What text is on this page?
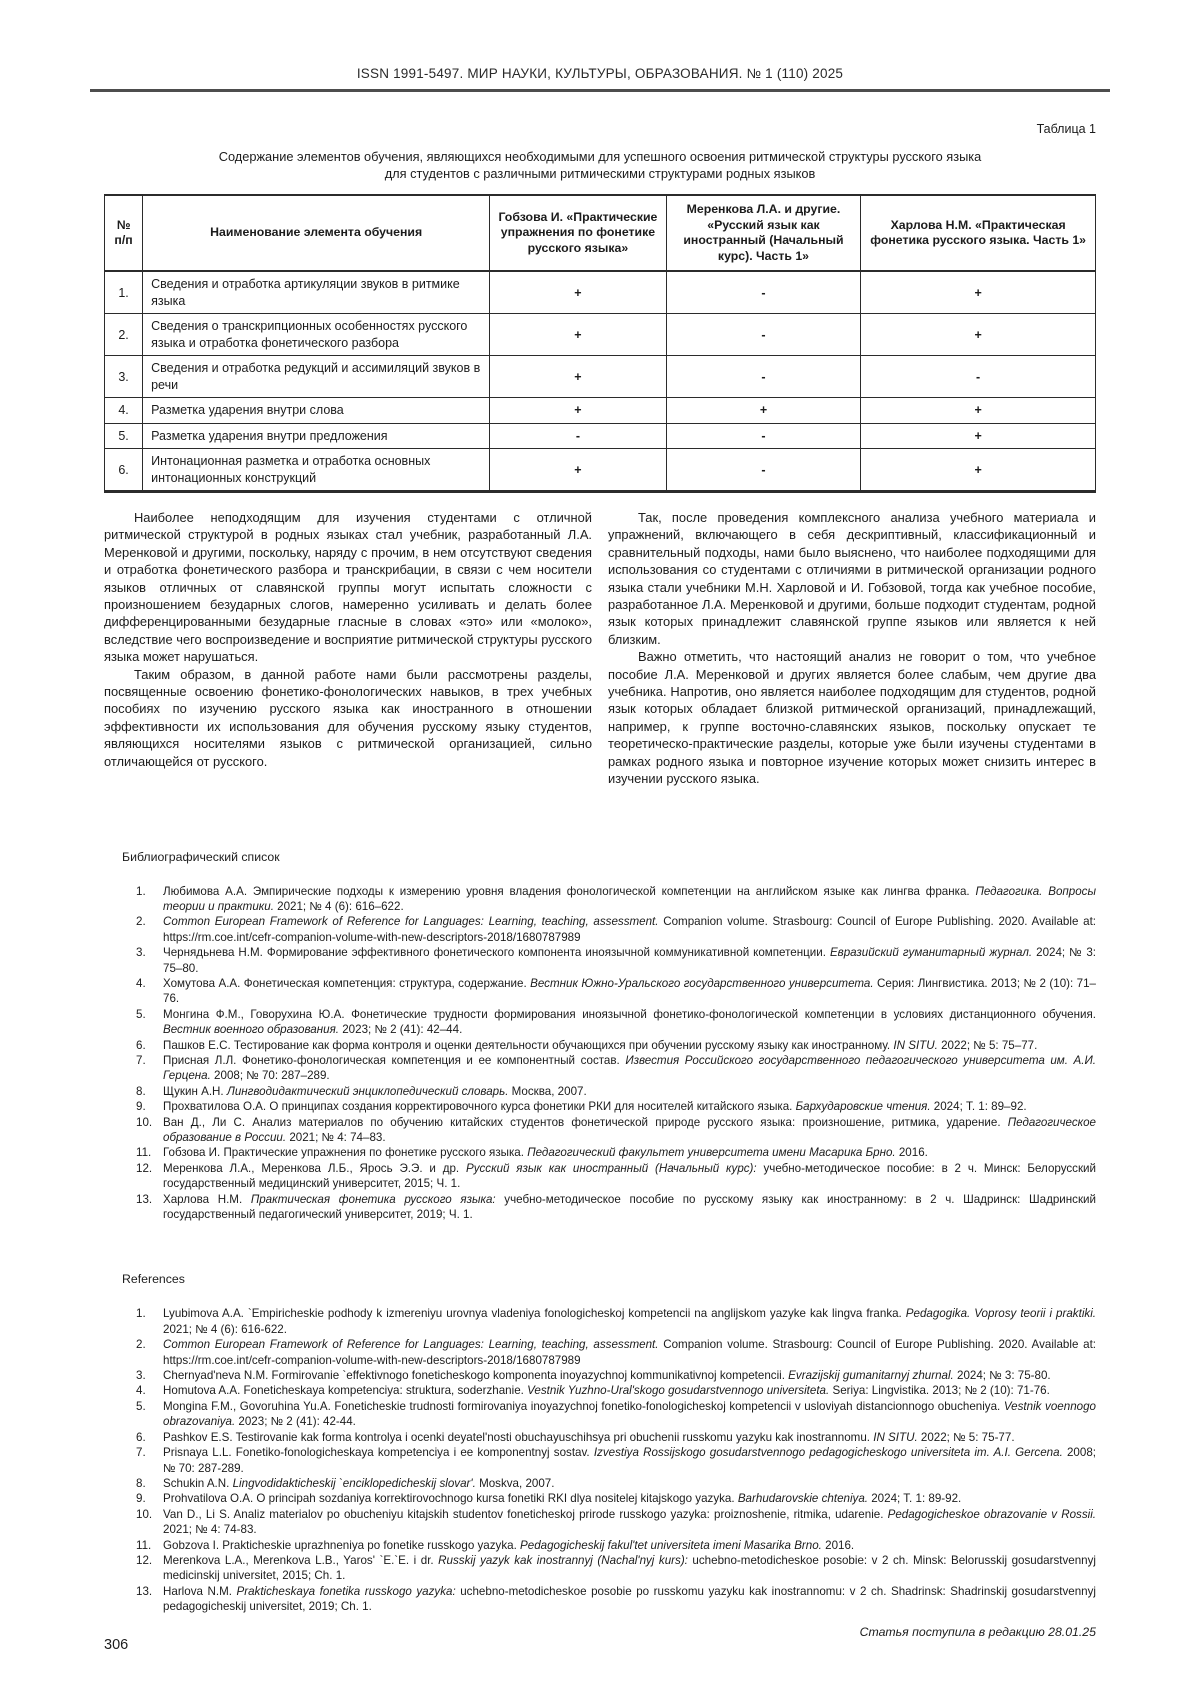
ISSN 1991-5497. МИР НАУКИ, КУЛЬТУРЫ, ОБРАЗОВАНИЯ. № 1 (110) 2025
Таблица 1
Содержание элементов обучения, являющихся необходимыми для успешного освоения ритмической структуры русского языка
для студентов с различными ритмическими структурами родных языков
№ п/п	Наименование элемента обучения	Гобзова И. «Практические упражнения по фонетике русского языка»	Меренкова Л.А. и другие. «Русский язык как иностранный (Начальный курс). Часть 1»	Харлова Н.М. «Практическая фонетика русского языка. Часть 1»
1.	Сведения и отработка артикуляции звуков в ритмике языка	+	-	+
2.	Сведения о транскрипционных особенностях русского языка и отработка фонетического разбора	+	-	+
3.	Сведения и отработка редукций и ассимиляций звуков в речи	+	-	-
4.	Разметка ударения внутри слова	+	+	+
5.	Разметка ударения внутри предложения	-	-	+
6.	Интонационная разметка и отработка основных интонационных конструкций	+	-	+

Наиболее неподходящим для изучения студентами с отличной ритмической структурой в родных языках стал учебник, разработанный Л.А. Меренковой и другими, поскольку, наряду с прочим, в нем отсутствуют сведения и отработка фонетического разбора и транскрибации, в связи с чем носители языков отличных от славянской группы могут испытать сложности с произношением безударных слогов, намеренно усиливать и делать более дифференцированными безударные гласные в словах «это» или «молоко», вследствие чего воспроизведение и восприятие ритмической структуры русского языка может нарушаться.

Таким образом, в данной работе нами были рассмотрены разделы, посвященные освоению фонетико-фонологических навыков, в трех учебных пособиях по изучению русского языка как иностранного в отношении эффективности их использования для обучения русскому языку студентов, являющихся носителями языков с ритмической организацией, сильно отличающейся от русского.

Так, после проведения комплексного анализа учебного материала и упражнений, включающего в себя дескриптивный, классификационный и сравнительный подходы, нами было выяснено, что наиболее подходящими для использования со студентами с отличиями в ритмической организации родного языка стали учебники М.Н. Харловой и И. Гобзовой, тогда как учебное пособие, разработанное Л.А. Меренковой и другими, больше подходит студентам, родной язык которых принадлежит славянской группе языков или является к ней близким.

Важно отметить, что настоящий анализ не говорит о том, что учебное пособие Л.А. Меренковой и других является более слабым, чем другие два учебника. Напротив, оно является наиболее подходящим для студентов, родной язык которых обладает близкой ритмической организаций, принадлежащий, например, к группе восточно-славянских языков, поскольку опускает те теоретическо-практические разделы, которые уже были изучены студентами в рамках родного языка и повторное изучение которых может снизить интерес в изучении русского языка.

Библиографический список
1.	Любимова А.А. Эмпирические подходы к измерению уровня владения фонологической компетенции на английском языке как лингва франка. Педагогика. Вопросы теории и практики. 2021; № 4 (6): 616–622.
2.	Common European Framework of Reference for Languages: Learning, teaching, assessment. Companion volume. Strasbourg: Council of Europe Publishing. 2020. Available at: https://rm.coe.int/cefr-companion-volume-with-new-descriptors-2018/1680787989
3.	Чернядьнева Н.М. Формирование эффективного фонетического компонента иноязычной коммуникативной компетенции. Евразийский гуманитарный журнал. 2024; № 3: 75–80.
4.	Хомутова А.А. Фонетическая компетенция: структура, содержание. Вестник Южно-Уральского государственного университета. Серия: Лингвистика. 2013; № 2 (10): 71–76.
5.	Монгина Ф.М., Говорухина Ю.А. Фонетические трудности формирования иноязычной фонетико-фонологической компетенции в условиях дистанционного обучения. Вестник военного образования. 2023; № 2 (41): 42–44.
6.	Пашков Е.С. Тестирование как форма контроля и оценки деятельности обучающихся при обучении русскому языку как иностранному. IN SITU. 2022; № 5: 75–77.
7.	Присная Л.Л. Фонетико-фонологическая компетенция и ее компонентный состав. Известия Российского государственного педагогического университета им. А.И. Герцена. 2008; № 70: 287–289.
8.	Щукин А.Н. Лингводидактический энциклопедический словарь. Москва, 2007.
9.	Прохватилова О.А. О принципах создания корректировочного курса фонетики РКИ для носителей китайского языка. Бархударовские чтения. 2024; Т. 1: 89–92.
10. Ван Д., Ли С. Анализ материалов по обучению китайских студентов фонетической природе русского языка: произношение, ритмика, ударение. Педагогическое образование в России. 2021; № 4: 74–83.
11.	Гобзова И. Практические упражнения по фонетике русского языка. Педагогический факультет университета имени Масарика Брно. 2016.
12. Меренкова Л.А., Меренкова Л.Б., Ярось Э.Э. и др. Русский язык как иностранный (Начальный курс): учебно-методическое пособие: в 2 ч. Минск: Белорусский государственный медицинский университет, 2015; Ч. 1.
13. Харлова Н.М. Практическая фонетика русского языка: учебно-методическое пособие по русскому языку как иностранному: в 2 ч. Шадринск: Шадринский государственный педагогический университет, 2019; Ч. 1.
References
1.	Lyubimova A.A. `Empiricheskie podhody k izmereniyu urovnya vladeniya fonologicheskoj kompetencii na anglijskom yazyke kak lingva franka. Pedagogika. Voprosy teorii i praktiki. 2021; № 4 (6): 616-622.
2.	Common European Framework of Reference for Languages: Learning, teaching, assessment. Companion volume. Strasbourg: Council of Europe Publishing. 2020. Available at: https://rm.coe.int/cefr-companion-volume-with-new-descriptors-2018/1680787989
3.	Chernyad'neva N.M. Formirovanie `effektivnogo foneticheskogo komponenta inoyazychnoj kommunikativnoj kompetencii. Evrazijskij gumanitarnyj zhurnal. 2024; № 3: 75-80.
4.	Homutova A.A. Foneticheskaya kompetenciya: struktura, soderzhanie. Vestnik Yuzhno-Ural'skogo gosudarstvennogo universiteta. Seriya: Lingvistika. 2013; № 2 (10): 71-76.
5.	Mongina F.M., Govoruhina Yu.A. Foneticheskie trudnosti formirovaniya inoyazychnoj fonetiko-fonologicheskoj kompetencii v usloviyah distancionnogo obucheniya. Vestnik voennogo obrazovaniya. 2023; № 2 (41): 42-44.
6.	Pashkov E.S. Testirovanie kak forma kontrolya i ocenki deyatel'nosti obuchayuschihsya pri obuchenii russkomu yazyku kak inostrannomu. IN SITU. 2022; № 5: 75-77.
7.	Prisnaya L.L. Fonetiko-fonologicheskaya kompetenciya i ee komponentnyj sostav. Izvestiya Rossijskogo gosudarstvennogo pedagogicheskogo universiteta im. A.I. Gercena. 2008; № 70: 287-289.
8.	Schukin A.N. Lingvodidakticheskij `enciklopedicheskij slovar'. Moskva, 2007.
9.	Prohvatilova O.A. O principah sozdaniya korrektirovochnogo kursa fonetiki RKI dlya nositelej kitajskogo yazyka. Barhudarovskie chteniya. 2024; T. 1: 89-92.
10. Van D., Li S. Analiz materialov po obucheniyu kitajskih studentov foneticheskoj prirode russkogo yazyka: proiznoshenie, ritmika, udarenie. Pedagogicheskoe obrazovanie v Rossii. 2021; № 4: 74-83.
11.	Gobzova I. Prakticheskie uprazhneniya po fonetike russkogo yazyka. Pedagogicheskij fakul'tet universiteta imeni Masarika Brno. 2016.
12. Merenkova L.A., Merenkova L.B., Yaros' `E.`E. i dr. Russkij yazyk kak inostrannyj (Nachal'nyj kurs): uchebno-metodicheskoe posobie: v 2 ch. Minsk: Belorusskij gosudarstvennyj medicinskij universitet, 2015; Ch. 1.
13. Harlova N.M. Prakticheskaya fonetika russkogo yazyka: uchebno-metodicheskoe posobie po russkomu yazyku kak inostrannomu: v 2 ch. Shadrinsk: Shadrinskij gosudarstvennyj pedagogicheskij universitet, 2019; Ch. 1.
Статья поступила в редакцию 28.01.25
306
